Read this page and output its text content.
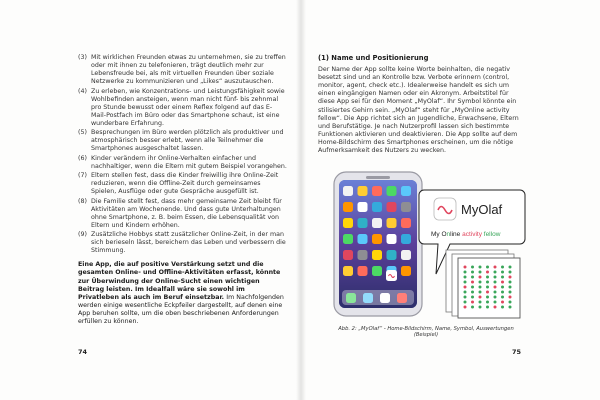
(3) Mit wirklichen Freunden etwas zu unternehmen, sie zu treffen oder mit ihnen zu telefonieren, trägt deutlich mehr zur Lebensfreude bei, als mit virtuellen Freunden über soziale Netzwerke zu kommunizieren und „Likes“ auszutauschen.
(4) Zu erleben, wie Konzentrations- und Leistungsfähigkeit sowie Wohlbefinden ansteigen, wenn man nicht fünf- bis zehnmal pro Stunde bewusst oder einem Reflex folgend auf das E-Mail-Postfach im Büro oder das Smartphone schaut, ist eine wunderbare Erfahrung.
(5) Besprechungen im Büro werden plötzlich als produktiver und atmosphärisch besser erlebt, wenn alle Teilnehmer die Smartphones ausgeschaltet lassen.
(6) Kinder verändern ihr Online-Verhalten einfacher und nachhaltiger, wenn die Eltern mit gutem Beispiel vorangehen.
(7) Eltern stellen fest, dass die Kinder freiwillig ihre Online-Zeit reduzieren, wenn die Offline-Zeit durch gemeinsames Spielen, Ausflüge oder gute Gespräche ausgefüllt ist.
(8) Die Familie stellt fest, dass mehr gemeinsame Zeit bleibt für Aktivitäten am Wochenende. Und dass gute Unterhaltungen ohne Smartphone, z. B. beim Essen, die Lebensqualität von Eltern und Kindern erhöhen.
(9) Zusätzliche Hobbys statt zusätzlicher Online-Zeit, in der man sich berieseln lässt, bereichern das Leben und verbessern die Stimmung.
Eine App, die auf positive Verstärkung setzt und die gesamten Online- und Offline-Aktivitäten erfasst, könnte zur Überwindung der Online-Sucht einen wichtigen Beitrag leisten. Im Idealfall wäre sie sowohl im Privatleben als auch im Beruf einsetzbar. Im Nachfolgenden werden einige wesentliche Eckpfeiler dargestellt, auf denen eine App beruhen sollte, um die oben beschriebenen Anforderungen erfüllen zu können.
74
(1) Name und Positionierung
Der Name der App sollte keine Worte beinhalten, die negativ besetzt sind und an Kontrolle bzw. Verbote erinnern (control, monitor, agent, check etc.). Idealerweise handelt es sich um einen eingängigen Namen oder ein Akronym. Arbeitstitel für diese App sei für den Moment „MyOlaf“. Ihr Symbol könnte ein stilisiertes Gehirn sein. „MyOlaf“ steht für „MyOnline activity fellow“. Die App richtet sich an Jugendliche, Erwachsene, Eltern und Berufstätige. Je nach Nutzerprofil lassen sich bestimmte Funktionen aktivieren und deaktivieren. Die App sollte auf dem Home-Bildschirm des Smartphones erscheinen, um die nötige Aufmerksamkeit des Nutzers zu wecken.
MyOlaf
My Online activity fellow
Abb. 2: „MyOlaf“ - Home-Bildschirm, Name, Symbol, Auswertungen (Beispiel)
75
